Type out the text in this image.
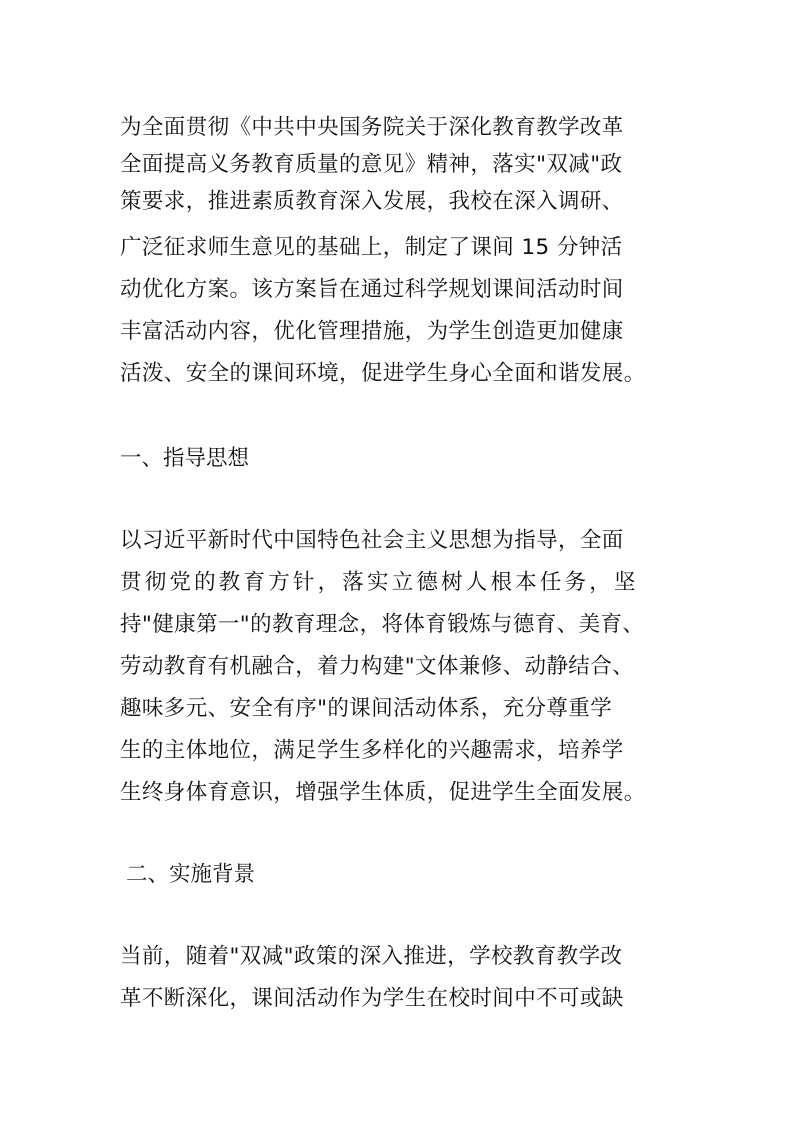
为全面贯彻《中共中央国务院关于深化教育教学改革
全面提高义务教育质量的意见》精神，落实"双减"政
策要求，推进素质教育深入发展，我校在深入调研、
广泛征求师生意见的基础上，制定了课间 15 分钟活
动优化方案。该方案旨在通过科学规划课间活动时间
丰富活动内容，优化管理措施，为学生创造更加健康
活泼、安全的课间环境，促进学生身心全面和谐发展。
一、指导思想
以习近平新时代中国特色社会主义思想为指导，全面
贯彻党的教育方针，落实立德树人根本任务，坚
持"健康第一"的教育理念，将体育锻炼与德育、美育、
劳动教育有机融合，着力构建"文体兼修、动静结合、
趣味多元、安全有序"的课间活动体系，充分尊重学
生的主体地位，满足学生多样化的兴趣需求，培养学
生终身体育意识，增强学生体质，促进学生全面发展。
二、实施背景
当前，随着"双减"政策的深入推进，学校教育教学改
革不断深化，课间活动作为学生在校时间中不可或缺
